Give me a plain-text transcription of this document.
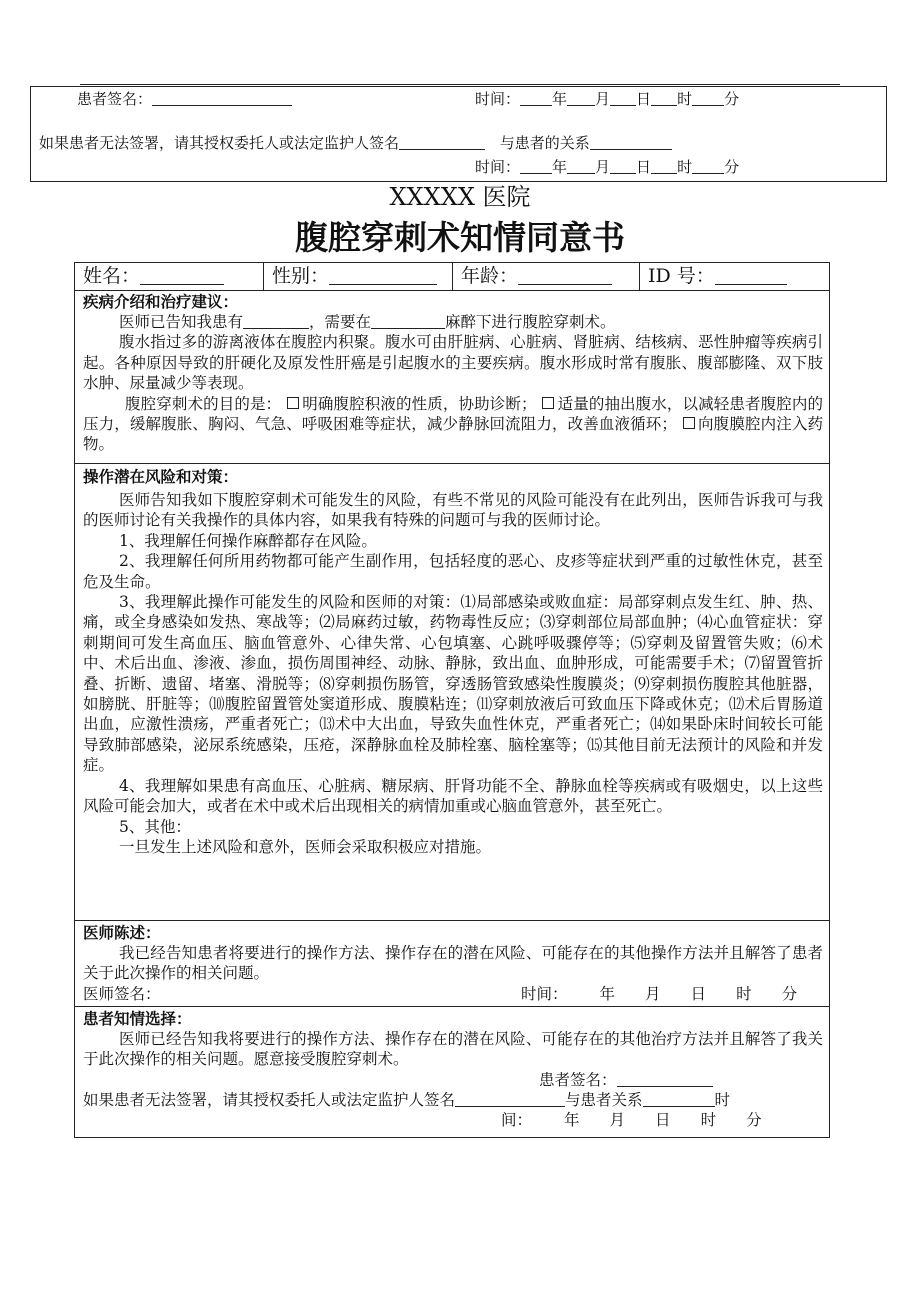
患者签名：	时间： 年 月 日 时 分
如果患者无法签署，请其授权委托人或法定监护人签名	与患者的关系
时间： 年 月 日 时 分
XXXXX 医院
腹腔穿刺术知情同意书
姓名：	性别：	年龄：	ID 号：
疾病介绍和治疗建议：

医师已告知我患有	，需要在	麻醉下进行腹腔穿刺术。

腹水指过多的游离液体在腹腔内积聚。腹水可由肝脏病、心脏病、肾脏病、结核病、恶性肿瘤等疾病引起。各种原因导致的肝硬化及原发性肝癌是引起腹水的主要疾病。腹水形成时常有腹胀、腹部膨隆、双下肢水肿、尿量减少等表现。

腹腔穿刺术的目的是： 明确腹腔积液的性质，协助诊断； 适量的抽出腹水，以减轻患者腹腔内的压力，缓解腹胀、胸闷、气急、呼吸困难等症状，减少静脉回流阻力，改善血液循环； 向腹膜腔内注入药物。

操作潜在风险和对策：

医师告知我如下腹腔穿刺术可能发生的风险，有些不常见的风险可能没有在此列出，医师告诉我可与我的医师讨论有关我操作的具体内容，如果我有特殊的问题可与我的医师讨论。

1、我理解任何操作麻醉都存在风险。

2、我理解任何所用药物都可能产生副作用，包括轻度的恶心、皮疹等症状到严重的过敏性休克，甚至危及生命。

3、我理解此操作可能发生的风险和医师的对策：⑴局部感染或败血症：局部穿刺点发生红、肿、热、痛，或全身感染如发热、寒战等；⑵局麻药过敏，药物毒性反应；⑶穿刺部位局部血肿；⑷心血管症状：穿刺期间可发生高血压、脑血管意外、心律失常、心包填塞、心跳呼吸骤停等；⑸穿刺及留置管失败；⑹术中、术后出血、渗液、渗血，损伤周围神经、动脉、静脉，致出血、血肿形成，可能需要手术；⑺留置管折叠、折断、遗留、堵塞、滑脱等；⑻穿刺损伤肠管，穿透肠管致感染性腹膜炎；⑼穿刺损伤腹腔其他脏器，如膀胱、肝脏等；⑽腹腔留置管处窦道形成、腹膜粘连；⑾穿刺放液后可致血压下降或休克；⑿术后胃肠道出血，应激性溃疡，严重者死亡；⒀术中大出血，导致失血性休克，严重者死亡；⒁如果卧床时间较长可能导致肺部感染，泌尿系统感染，压疮，深静脉血栓及肺栓塞、脑栓塞等；⒂其他目前无法预计的风险和并发症。

4、我理解如果患有高血压、心脏病、糖尿病、肝肾功能不全、静脉血栓等疾病或有吸烟史，以上这些风险可能会加大，或者在术中或术后出现相关的病情加重或心脑血管意外，甚至死亡。

5、其他：

一旦发生上述风险和意外，医师会采取积极应对措施。

医师陈述：

我已经告知患者将要进行的操作方法、操作存在的潜在风险、可能存在的其他操作方法并且解答了患者关于此次操作的相关问题。

医师签名：	时间： 年 月 日 时 分
患者知情选择：

医师已经告知我将要进行的操作方法、操作存在的潜在风险、可能存在的其他治疗方法并且解答了我关于此次操作的相关问题。愿意接受腹腔穿刺术。

患者签名：
如果患者无法签署，请其授权委托人或法定监护人签名	与患者关系	时
间： 年 月 日 时 分
